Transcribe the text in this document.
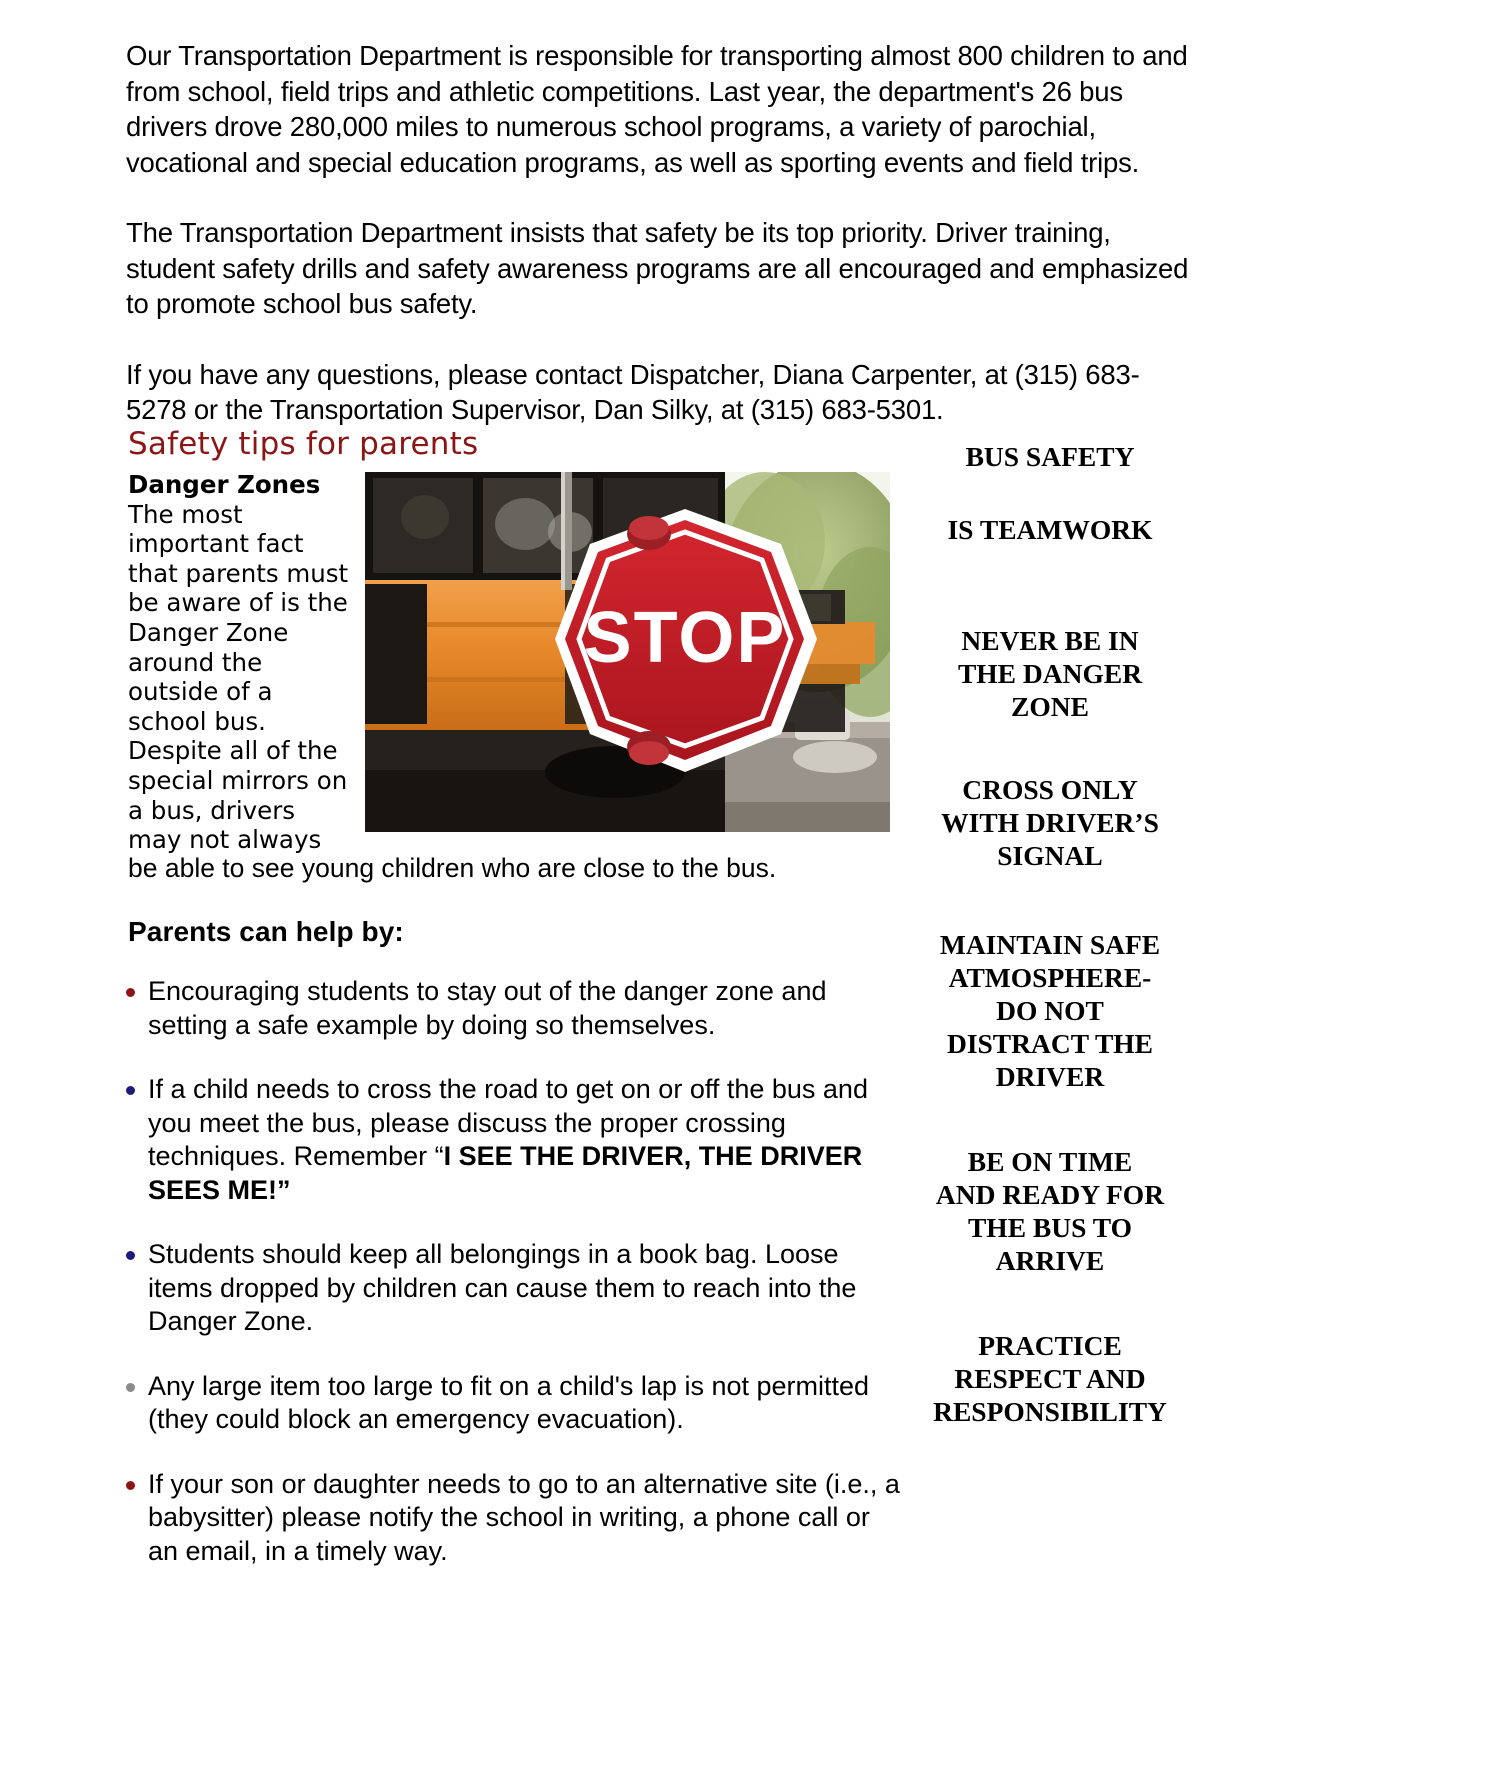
Our Transportation Department is responsible for transporting almost 800 children to and from school, field trips and athletic competitions. Last year, the department's 26 bus drivers drove 280,000 miles to numerous school programs, a variety of parochial, vocational and special education programs, as well as sporting events and field trips.

The Transportation Department insists that safety be its top priority. Driver training, student safety drills and safety awareness programs are all encouraged and emphasized to promote school bus safety.

If you have any questions, please contact Dispatcher, Diana Carpenter, at (315) 683-5278 or the Transportation Supervisor, Dan Silky, at (315) 683-5301.

Safety tips for parents
Danger Zones
The most important fact that parents must be aware of is the Danger Zone around the outside of a school bus. Despite all of the special mirrors on a bus, drivers may not always
be able to see young children who are close to the bus.
STOP
Parents can help by:
Encouraging students to stay out of the danger zone and setting a safe example by doing so themselves.
If a child needs to cross the road to get on or off the bus and you meet the bus, please discuss the proper crossing techniques. Remember “I SEE THE DRIVER, THE DRIVER SEES ME!”
Students should keep all belongings in a book bag. Loose items dropped by children can cause them to reach into the Danger Zone.
Any large item too large to fit on a child's lap is not permitted (they could block an emergency evacuation).
If your son or daughter needs to go to an alternative site (i.e., a babysitter) please notify the school in writing, a phone call or an email, in a timely way.
BUS SAFETY
IS TEAMWORK
NEVER BE IN
THE DANGER
ZONE
CROSS ONLY
WITH DRIVER’S
SIGNAL
MAINTAIN SAFE
ATMOSPHERE-
DO NOT
DISTRACT THE
DRIVER
BE ON TIME
AND READY FOR
THE BUS TO
ARRIVE
PRACTICE
RESPECT AND
RESPONSIBILITY
